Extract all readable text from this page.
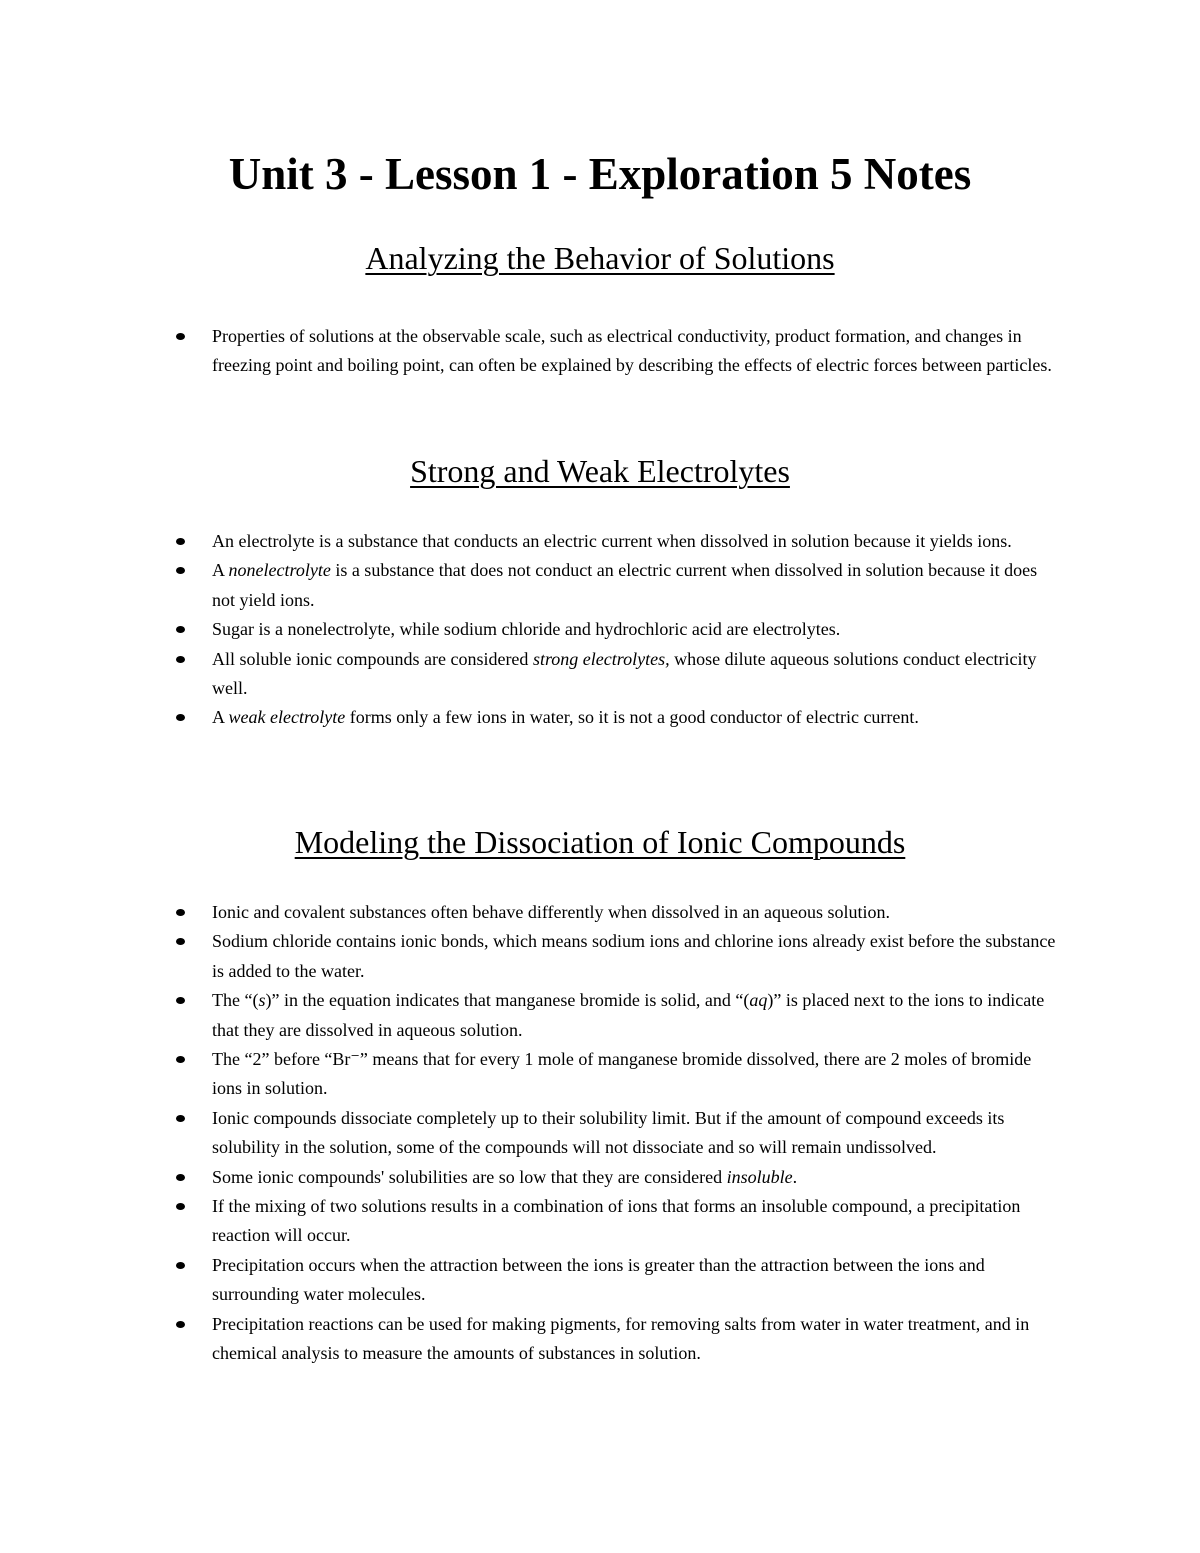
Unit 3 - Lesson 1 - Exploration 5 Notes
Analyzing the Behavior of Solutions
Properties of solutions at the observable scale, such as electrical conductivity, product formation, and changes in freezing point and boiling point, can often be explained by describing the effects of electric forces between particles.
Strong and Weak Electrolytes
An electrolyte is a substance that conducts an electric current when dissolved in solution because it yields ions.
A nonelectrolyte is a substance that does not conduct an electric current when dissolved in solution because it does not yield ions.
Sugar is a nonelectrolyte, while sodium chloride and hydrochloric acid are electrolytes.
All soluble ionic compounds are considered strong electrolytes, whose dilute aqueous solutions conduct electricity well.
A weak electrolyte forms only a few ions in water, so it is not a good conductor of electric current.
Modeling the Dissociation of Ionic Compounds
Ionic and covalent substances often behave differently when dissolved in an aqueous solution.
Sodium chloride contains ionic bonds, which means sodium ions and chlorine ions already exist before the substance is added to the water.
The “(s)” in the equation indicates that manganese bromide is solid, and “(aq)” is placed next to the ions to indicate that they are dissolved in aqueous solution.
The “2” before “Br⁻” means that for every 1 mole of manganese bromide dissolved, there are 2 moles of bromide ions in solution.
Ionic compounds dissociate completely up to their solubility limit. But if the amount of compound exceeds its solubility in the solution, some of the compounds will not dissociate and so will remain undissolved.
Some ionic compounds' solubilities are so low that they are considered insoluble.
If the mixing of two solutions results in a combination of ions that forms an insoluble compound, a precipitation reaction will occur.
Precipitation occurs when the attraction between the ions is greater than the attraction between the ions and surrounding water molecules.
Precipitation reactions can be used for making pigments, for removing salts from water in water treatment, and in chemical analysis to measure the amounts of substances in solution.
